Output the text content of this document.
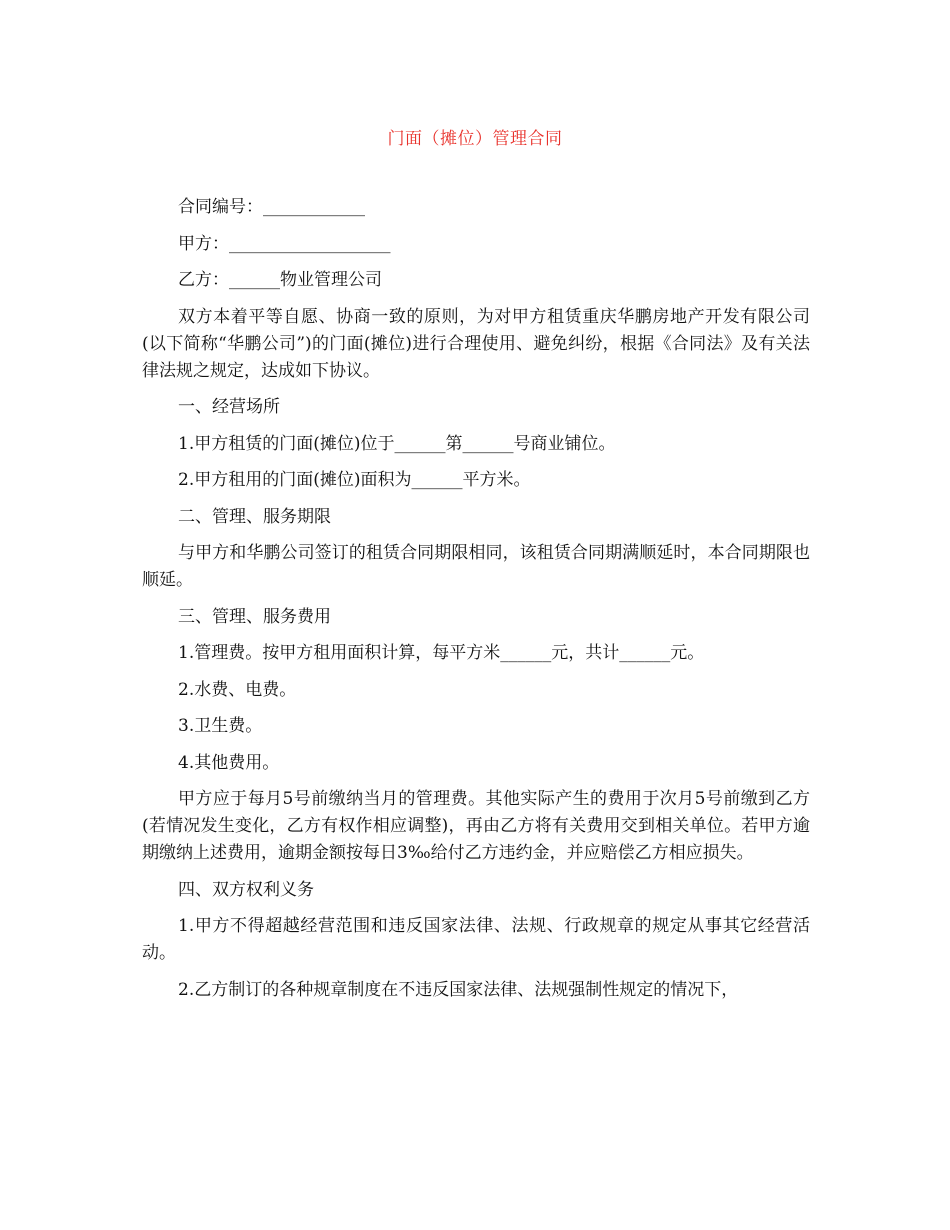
门面（摊位）管理合同

合同编号：____________

甲方：___________________

乙方：______物业管理公司

双方本着平等自愿、协商一致的原则，为对甲方租赁重庆华鹏房地产开发有限公司(以下简称“华鹏公司”)的门面(摊位)进行合理使用、避免纠纷，根据《合同法》及有关法律法规之规定，达成如下协议。

一、经营场所

1.甲方租赁的门面(摊位)位于______第______号商业铺位。

2.甲方租用的门面(摊位)面积为______平方米。

二、管理、服务期限

与甲方和华鹏公司签订的租赁合同期限相同，该租赁合同期满顺延时，本合同期限也顺延。

三、管理、服务费用

1.管理费。按甲方租用面积计算，每平方米______元，共计______元。

2.水费、电费。

3.卫生费。

4.其他费用。

甲方应于每月5号前缴纳当月的管理费。其他实际产生的费用于次月5号前缴到乙方(若情况发生变化，乙方有权作相应调整)，再由乙方将有关费用交到相关单位。若甲方逾期缴纳上述费用，逾期金额按每日3‰给付乙方违约金，并应赔偿乙方相应损失。

四、双方权利义务

1.甲方不得超越经营范围和违反国家法律、法规、行政规章的规定从事其它经营活动。

2.乙方制订的各种规章制度在不违反国家法律、法规强制性规定的情况下，
